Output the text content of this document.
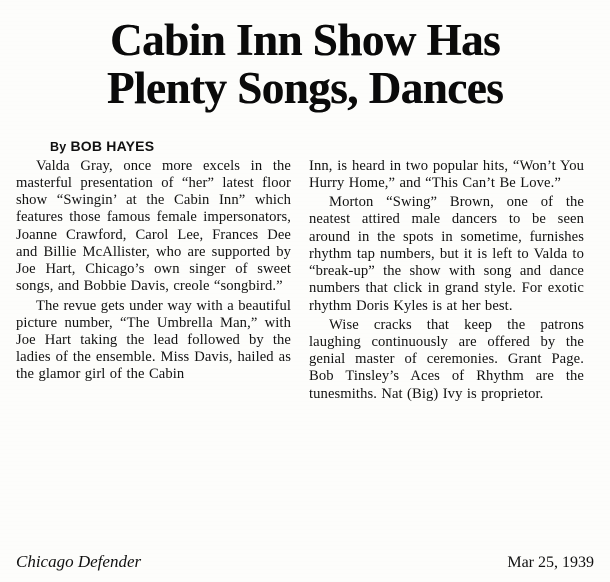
Cabin Inn Show Has
Plenty Songs, Dances
By BOB HAYES

Valda Gray, once more excels in the masterful presentation of “her” latest floor show “Swingin’ at the Cabin Inn” which features those famous female impersonators, Joanne Crawford, Carol Lee, Frances Dee and Billie McAllister, who are supported by Joe Hart, Chicago’s own singer of sweet songs, and Bobbie Davis, creole “songbird.”

The revue gets under way with a beautiful picture number, “The Umbrella Man,” with Joe Hart taking the lead followed by the ladies of the ensemble. Miss Davis, hailed as the glamor girl of the Cabin

Inn, is heard in two popular hits, “Won’t You Hurry Home,” and “This Can’t Be Love.”

Morton “Swing” Brown, one of the neatest attired male dancers to be seen around in the spots in sometime, furnishes rhythm tap numbers, but it is left to Valda to “break-up” the show with song and dance numbers that click in grand style. For exotic rhythm Doris Kyles is at her best.

Wise cracks that keep the patrons laughing continuously are offered by the genial master of ceremonies. Grant Page. Bob Tinsley’s Aces of Rhythm are the tunesmiths. Nat (Big) Ivy is proprietor.

Chicago Defender	Mar 25, 1939
